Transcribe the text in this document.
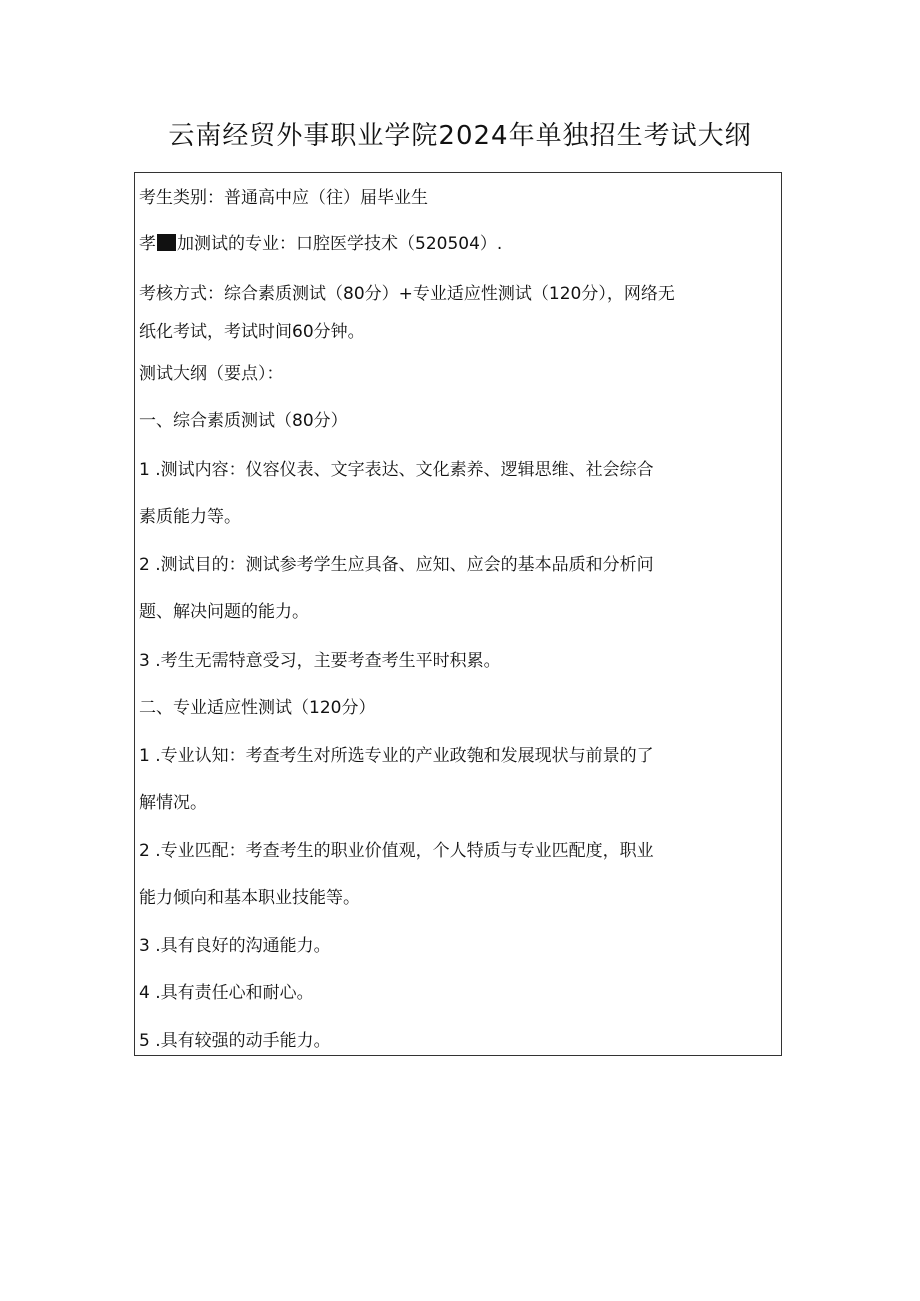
云南经贸外事职业学院2024年单独招生考试大纲
考生类别：普通高中应（往）届毕业生
孝 加测试的专业：口腔医学技术（520504）.
考核方式：综合素质测试（80分）+专业适应性测试（120分），网络无
纸化考试，考试时间60分钟。
测试大纲（要点）：
一、综合素质测试（80分）
1 .测试内容：仪容仪表、文字表达、文化素养、逻辑思维、社会综合
素质能力等。
2 .测试目的：测试参考学生应具备、应知、应会的基本品质和分析问
题、解决问题的能力。
3 .考生无需特意受习，主要考查考生平时积累。
二、专业适应性测试（120分）
1 .专业认知：考查考生对所选专业的产业政匏和发展现状与前景的了
解情况。
2 .专业匹配：考查考生的职业价值观，个人特质与专业匹配度，职业
能力倾向和基本职业技能等。
3 .具有良好的沟通能力。
4 .具有责任心和耐心。
5 .具有较强的动手能力。
